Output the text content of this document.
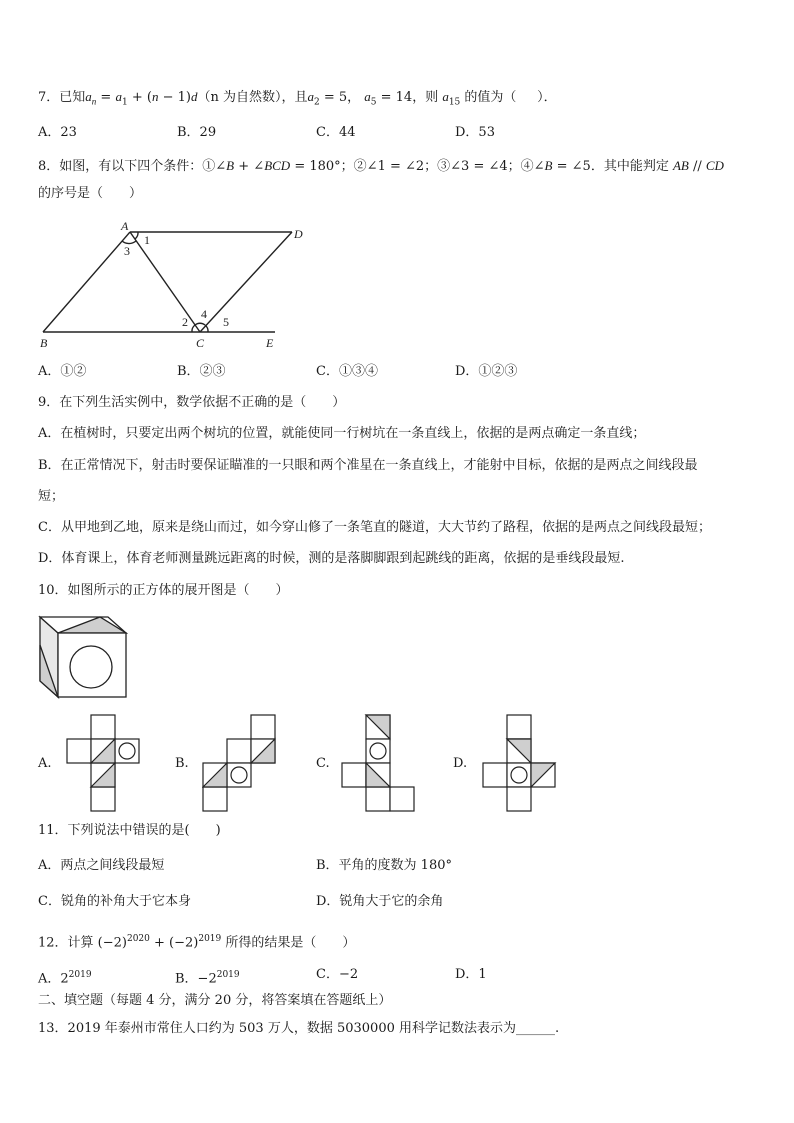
7．已知$a_n = a_1 + (n - 1)d(n$ 为自然数），且$a_2 = 5$， $a_5 = 14$，则 $a_{15}$ 的值为（     ）．
A．23	B．29	C．44	D．53
8．如图，有以下四个条件：①∠B + ∠BCD = 180°；②∠1 = ∠2；③∠3 = ∠4；④∠B = ∠5．其中能判定 AB // CD
的序号是（　　）
A
B	C
D
E
1
2
3
4
5
A．①②	B．②③	C．①③④	D．①②③
9．在下列生活实例中，数学依据不正确的是（　　）
A．在植树时，只要定出两个树坑的位置，就能使同一行树坑在一条直线上，依据的是两点确定一条直线；
B．在正常情况下，射击时要保证瞄准的一只眼和两个准星在一条直线上，才能射中目标，依据的是两点之间线段最
短；
C．从甲地到乙地，原来是绕山而过，如今穿山修了一条笔直的隧道，大大节约了路程，依据的是两点之间线段最短；
D．体育课上，体育老师测量跳远距离的时候，测的是落脚脚跟到起跳线的距离，依据的是垂线段最短.
10．如图所示的正方体的展开图是（　　）
A.	B.	C.	D.
11．下列说法中错误的是(　　)
A．两点之间线段最短	B．平角的度数为 180°
C．锐角的补角大于它本身	D．锐角大于它的余角
12．计算 $(-2)^{2020} + (-2)^{2019}$ 所得的结果是（　　）
A．$2^{2019}$	B．$-2^{2019}$	C．−2	D．1
二、填空题（每题 4 分，满分 20 分，将答案填在答题纸上）
13．2019 年泰州市常住人口约为 503 万人，数据 5030000 用科学记数法表示为______.
